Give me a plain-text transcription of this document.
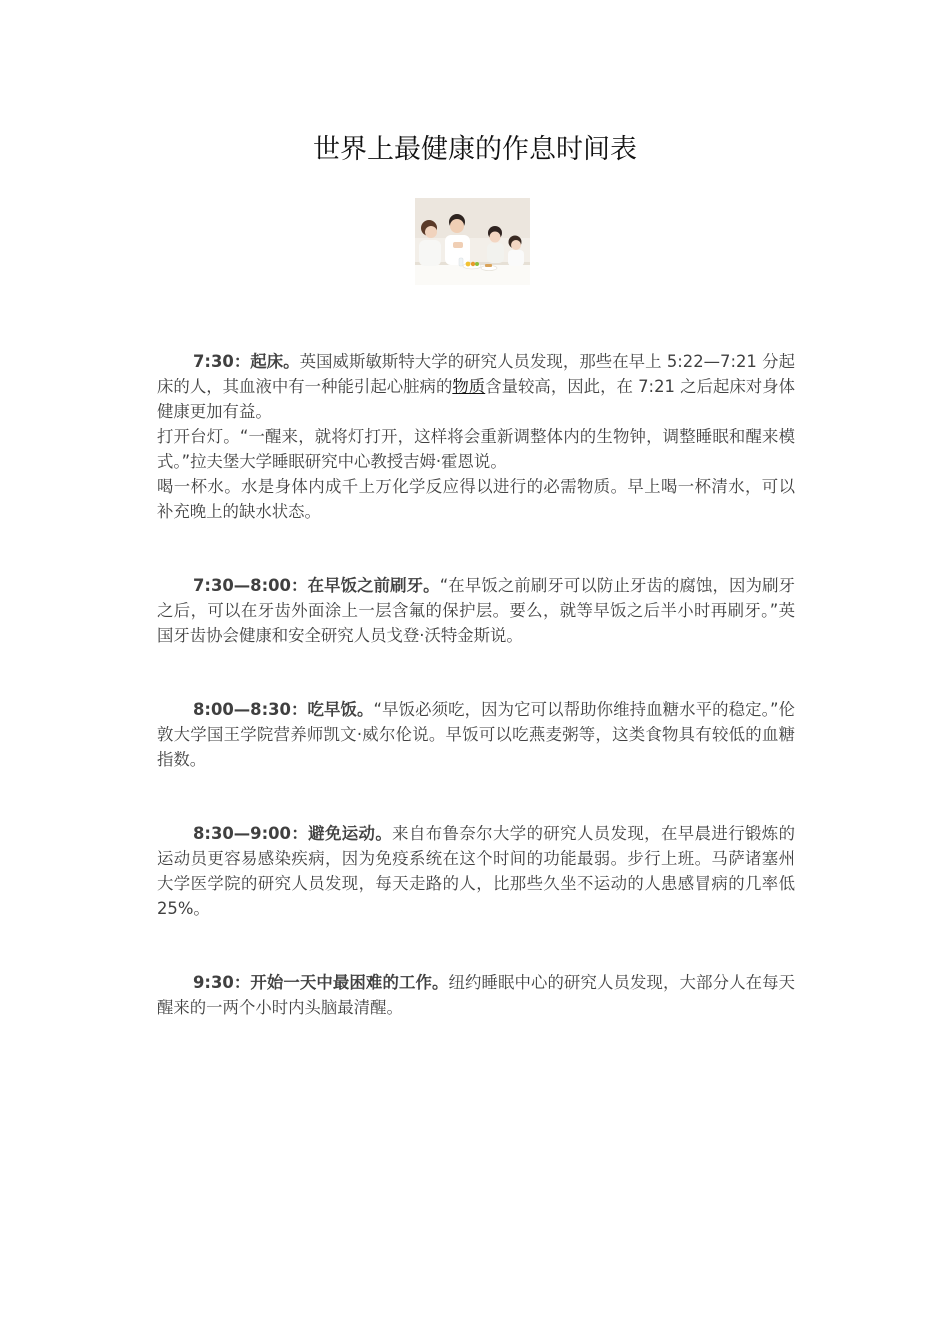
世界上最健康的作息时间表

7:30：起床。英国威斯敏斯特大学的研究人员发现，那些在早上 5:22—7:21 分起床的人，其血液中有一种能引起心脏病的物质含量较高，因此，在 7:21 之后起床对身体健康更加有益。

打开台灯。“一醒来，就将灯打开，这样将会重新调整体内的生物钟，调整睡眠和醒来模式。”拉夫堡大学睡眠研究中心教授吉姆·霍恩说。

喝一杯水。水是身体内成千上万化学反应得以进行的必需物质。早上喝一杯清水，可以补充晚上的缺水状态。

7:30—8:00：在早饭之前刷牙。“在早饭之前刷牙可以防止牙齿的腐蚀，因为刷牙之后，可以在牙齿外面涂上一层含氟的保护层。要么，就等早饭之后半小时再刷牙。”英国牙齿协会健康和安全研究人员戈登·沃特金斯说。

8:00—8:30：吃早饭。“早饭必须吃，因为它可以帮助你维持血糖水平的稳定。”伦敦大学国王学院营养师凯文·威尔伦说。早饭可以吃燕麦粥等，这类食物具有较低的血糖指数。

8:30—9:00：避免运动。来自布鲁奈尔大学的研究人员发现，在早晨进行锻炼的运动员更容易感染疾病，因为免疫系统在这个时间的功能最弱。步行上班。马萨诸塞州大学医学院的研究人员发现，每天走路的人，比那些久坐不运动的人患感冒病的几率低 25%。

9:30：开始一天中最困难的工作。纽约睡眠中心的研究人员发现，大部分人在每天醒来的一两个小时内头脑最清醒。
